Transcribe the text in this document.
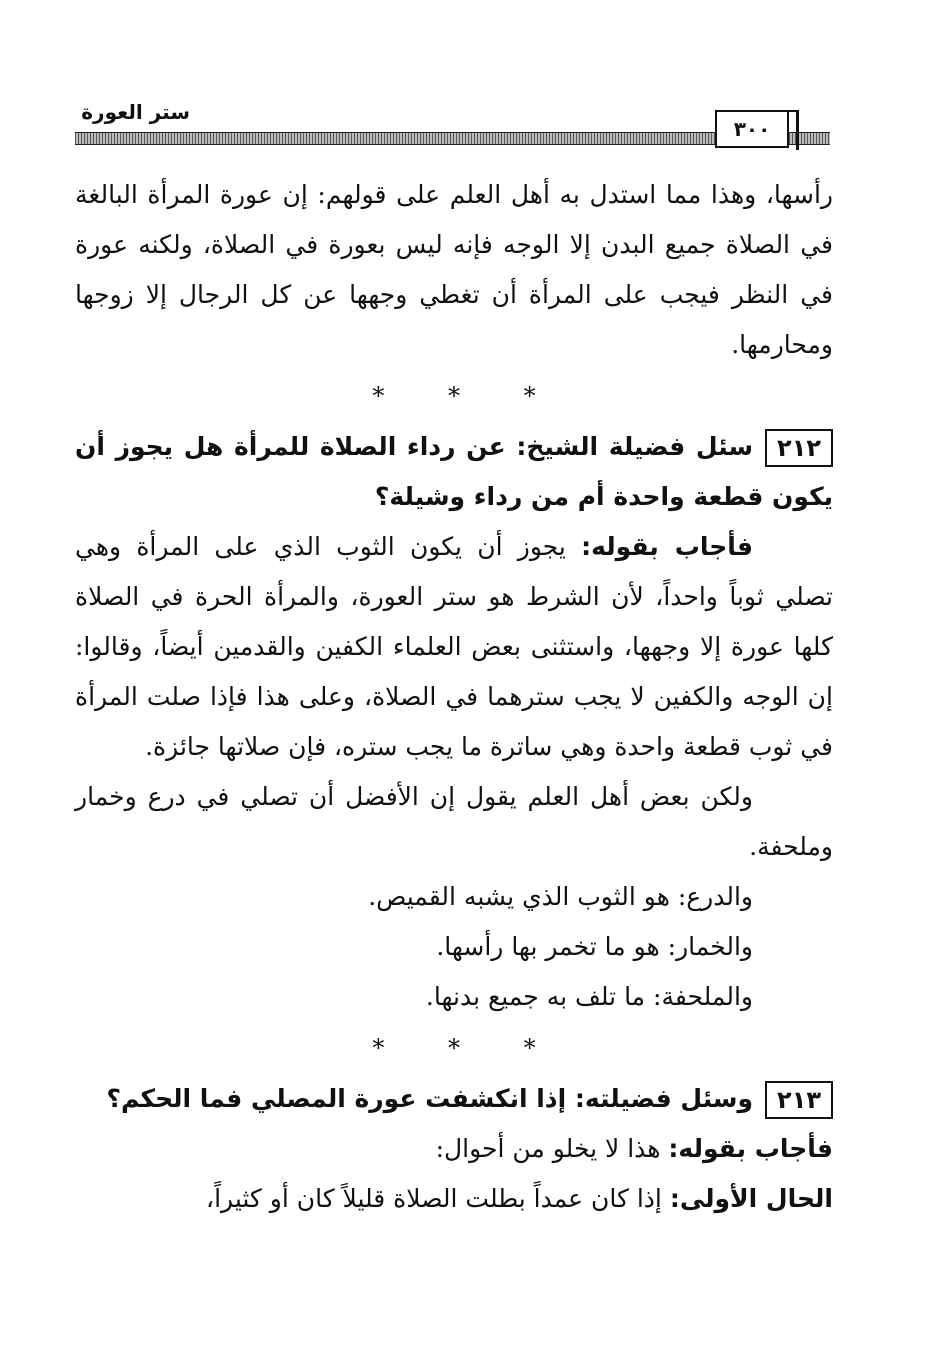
٣٠٠
ستر العورة

رأسها، وهذا مما استدل به أهل العلم على قولهم: إن عورة المرأة البالغة في الصلاة جميع البدن إلا الوجه فإنه ليس بعورة في الصلاة، ولكنه عورة في النظر فيجب على المرأة أن تغطي وجهها عن كل الرجال إلا زوجها ومحارمها.

* * *

٢١٢سئل فضيلة الشيخ: عن رداء الصلاة للمرأة هل يجوز أن يكون قطعة واحدة أم من رداء وشيلة؟

فأجاب بقوله: يجوز أن يكون الثوب الذي على المرأة وهي تصلي ثوباً واحداً، لأن الشرط هو ستر العورة، والمرأة الحرة في الصلاة كلها عورة إلا وجهها، واستثنى بعض العلماء الكفين والقدمين أيضاً، وقالوا: إن الوجه والكفين لا يجب سترهما في الصلاة، وعلى هذا فإذا صلت المرأة في ثوب قطعة واحدة وهي ساترة ما يجب ستره، فإن صلاتها جائزة.

ولكن بعض أهل العلم يقول إن الأفضل أن تصلي في درع وخمار وملحفة.

والدرع: هو الثوب الذي يشبه القميص.

والخمار: هو ما تخمر بها رأسها.

والملحفة: ما تلف به جميع بدنها.

* * *

٢١٣وسئل فضيلته: إذا انكشفت عورة المصلي فما الحكم؟

فأجاب بقوله: هذا لا يخلو من أحوال:

الحال الأولى: إذا كان عمداً بطلت الصلاة قليلاً كان أو كثيراً،
